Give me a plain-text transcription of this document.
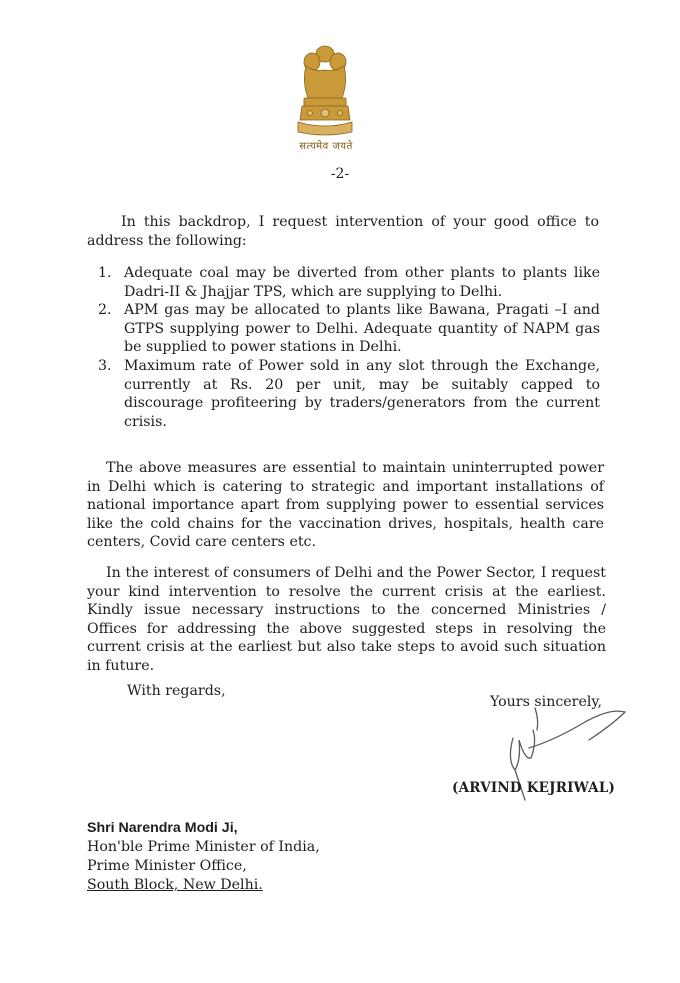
सत्यमेव जयते
-2-

In this backdrop, I request intervention of your good office to address the following:

1. Adequate coal may be diverted from other plants to plants like Dadri-II & Jhajjar TPS, which are supplying to Delhi.
2. APM gas may be allocated to plants like Bawana, Pragati –I and GTPS supplying power to Delhi. Adequate quantity of NAPM gas be supplied to power stations in Delhi.
3. Maximum rate of Power sold in any slot through the Exchange, currently at Rs. 20 per unit, may be suitably capped to discourage profiteering by traders/generators from the current crisis.

The above measures are essential to maintain uninterrupted power in Delhi which is catering to strategic and important installations of national importance apart from supplying power to essential services like the cold chains for the vaccination drives, hospitals, health care centers, Covid care centers etc.

In the interest of consumers of Delhi and the Power Sector, I request your kind intervention to resolve the current crisis at the earliest. Kindly issue necessary instructions to the concerned Ministries / Offices for addressing the above suggested steps in resolving the current crisis at the earliest but also take steps to avoid such situation in future.

With regards,
Yours sincerely,
(ARVIND KEJRIWAL)
Shri Narendra Modi Ji,
Hon'ble Prime Minister of India,
Prime Minister Office,
South Block, New Delhi.
